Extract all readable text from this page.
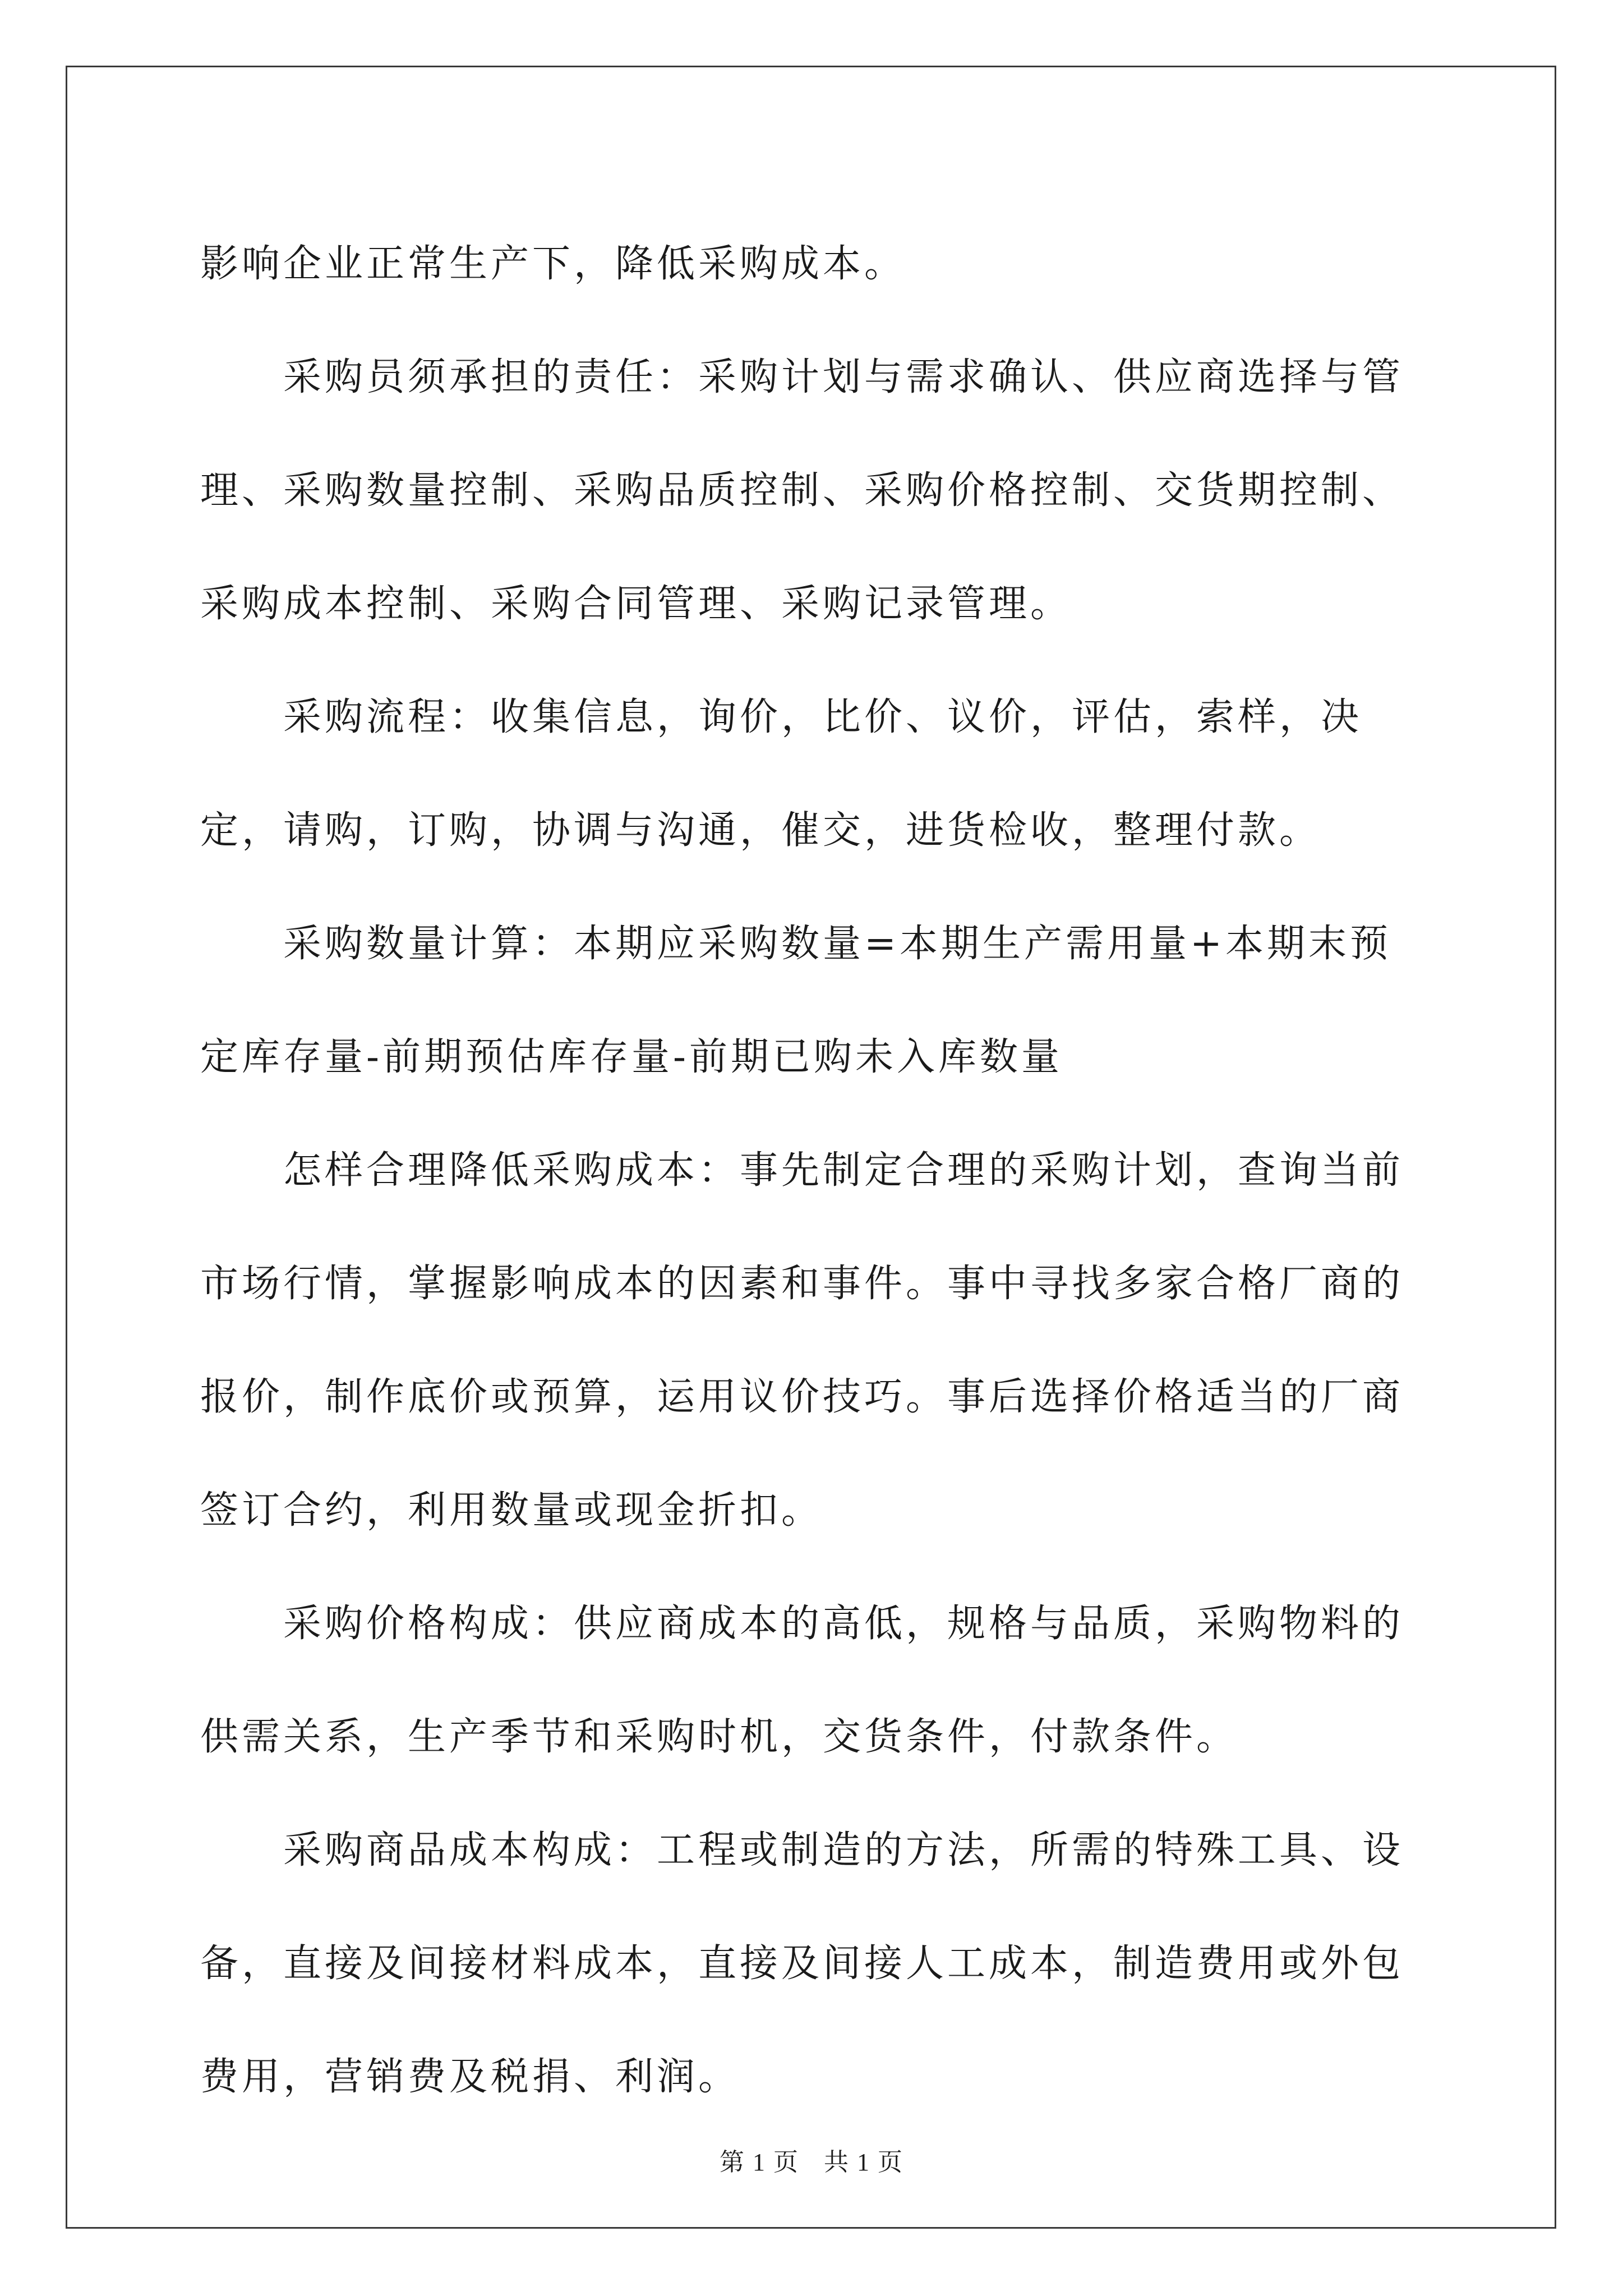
影响企业正常生产下，降低采购成本。

采购员须承担的责任：采购计划与需求确认、供应商选择与管理、采购数量控制、采购品质控制、采购价格控制、交货期控制、采购成本控制、采购合同管理、采购记录管理。

采购流程：收集信息，询价，比价、议价，评估，索样，决定，请购，订购，协调与沟通，催交，进货检收，整理付款。

采购数量计算：本期应采购数量=本期生产需用量+本期末预定库存量-前期预估库存量-前期已购未入库数量

怎样合理降低采购成本：事先制定合理的采购计划，查询当前市场行情，掌握影响成本的因素和事件。事中寻找多家合格厂商的报价，制作底价或预算，运用议价技巧。事后选择价格适当的厂商签订合约，利用数量或现金折扣。

采购价格构成：供应商成本的高低，规格与品质，采购物料的供需关系，生产季节和采购时机，交货条件，付款条件。

采购商品成本构成：工程或制造的方法，所需的特殊工具、设备，直接及间接材料成本，直接及间接人工成本，制造费用或外包费用，营销费及税捐、利润。

第 1 页 共 1 页
